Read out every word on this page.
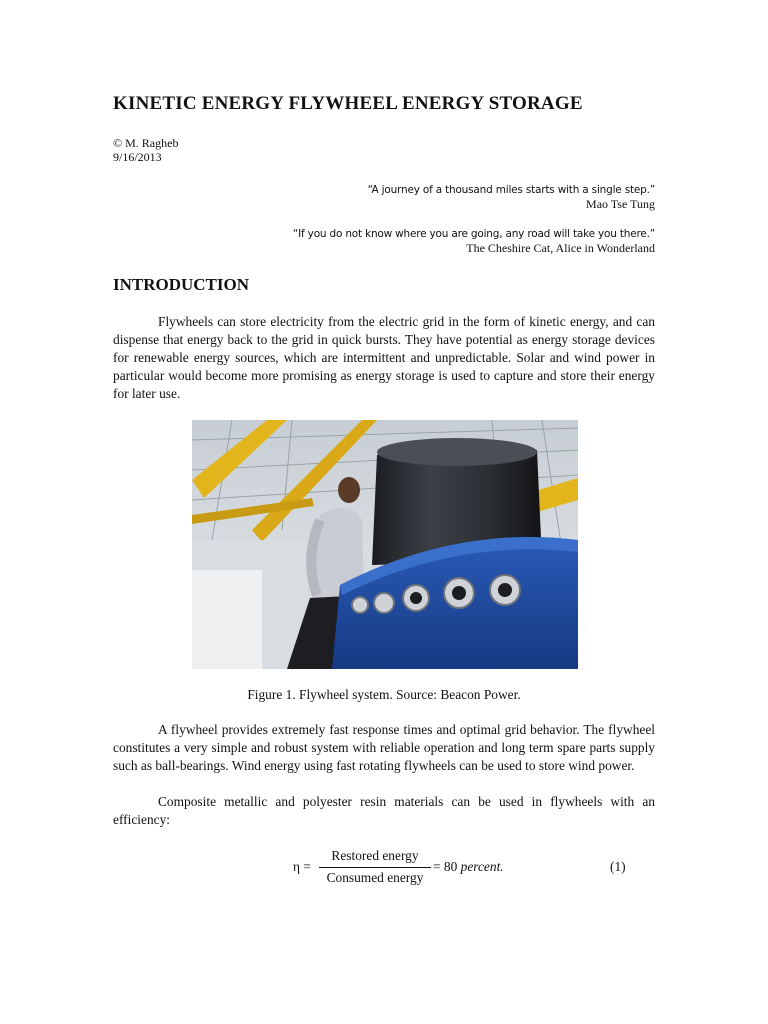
KINETIC ENERGY FLYWHEEL ENERGY STORAGE
© M. Ragheb
9/16/2013
“A journey of a thousand miles starts with a single step.”
Mao Tse Tung
“If you do not know where you are going, any road will take you there.”
The Cheshire Cat, Alice in Wonderland
INTRODUCTION

Flywheels can store electricity from the electric grid in the form of kinetic energy, and can dispense that energy back to the grid in quick bursts. They have potential as energy storage devices for renewable energy sources, which are intermittent and unpredictable. Solar and wind power in particular would become more promising as energy storage is used to capture and store their energy for later use.

Figure 1. Flywheel system. Source: Beacon Power.

A flywheel provides extremely fast response times and optimal grid behavior. The flywheel constitutes a very simple and robust system with reliable operation and long term spare parts supply such as ball-bearings. Wind energy using fast rotating flywheels can be used to store wind power.

Composite metallic and polyester resin materials can be used in flywheels with an efficiency:

η =
Restored energy
Consumed energy
= 80 percent.	(1)
